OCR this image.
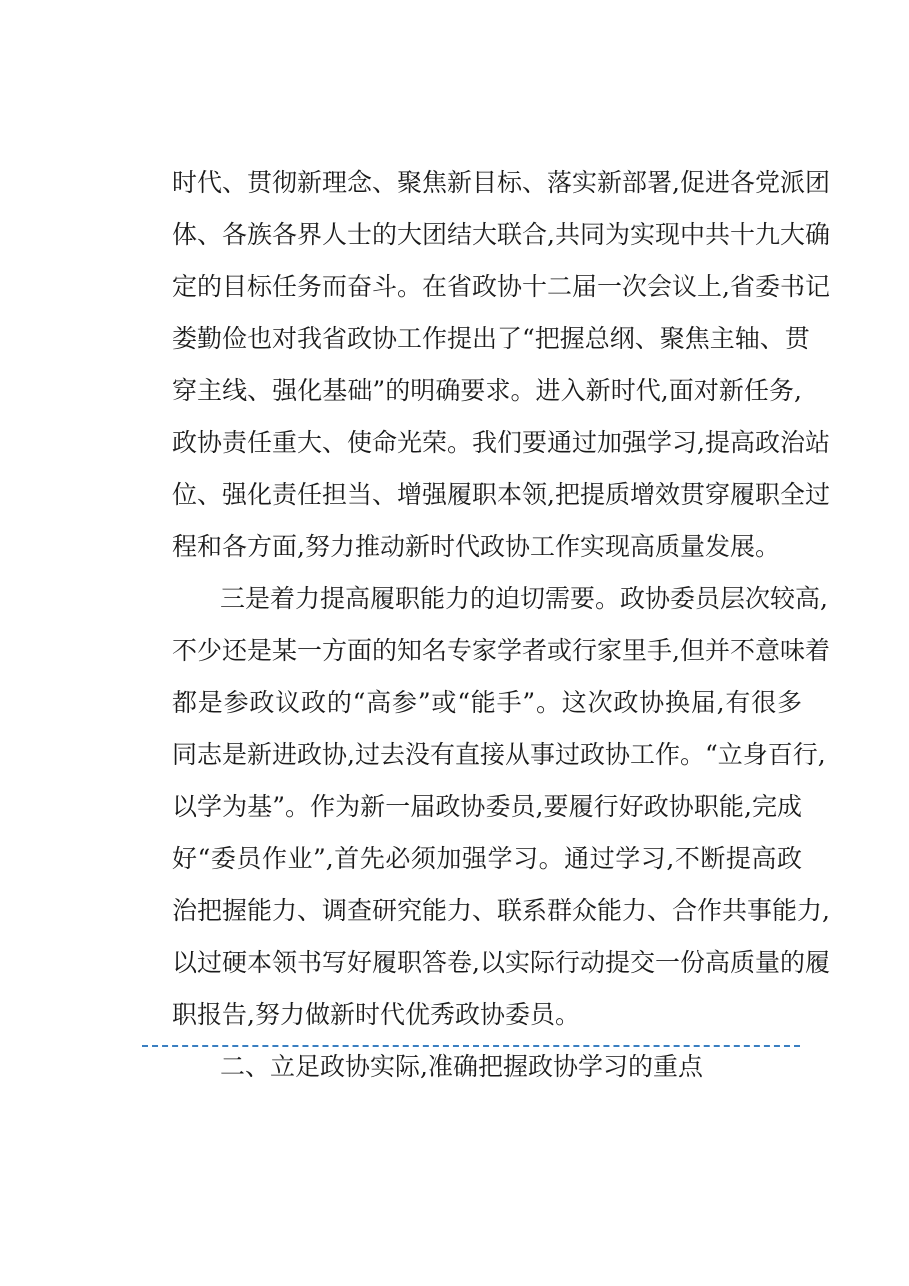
时代、贯彻新理念、聚焦新目标、落实新部署,促进各党派团
体、各族各界人士的大团结大联合,共同为实现中共十九大确
定的目标任务而奋斗。在省政协十二届一次会议上,省委书记
娄勤俭也对我省政协工作提出了“把握总纲、聚焦主轴、贯
穿主线、强化基础”的明确要求。进入新时代,面对新任务,
政协责任重大、使命光荣。我们要通过加强学习,提高政治站
位、强化责任担当、增强履职本领,把提质增效贯穿履职全过
程和各方面,努力推动新时代政协工作实现高质量发展。
三是着力提高履职能力的迫切需要。政协委员层次较高,
不少还是某一方面的知名专家学者或行家里手,但并不意味着
都是参政议政的“高参”或“能手”。这次政协换届,有很多
同志是新进政协,过去没有直接从事过政协工作。“立身百行,
以学为基”。作为新一届政协委员,要履行好政协职能,完成
好“委员作业”,首先必须加强学习。通过学习,不断提高政
治把握能力、调查研究能力、联系群众能力、合作共事能力,
以过硬本领书写好履职答卷,以实际行动提交一份高质量的履
职报告,努力做新时代优秀政协委员。
二、立足政协实际,准确把握政协学习的重点
